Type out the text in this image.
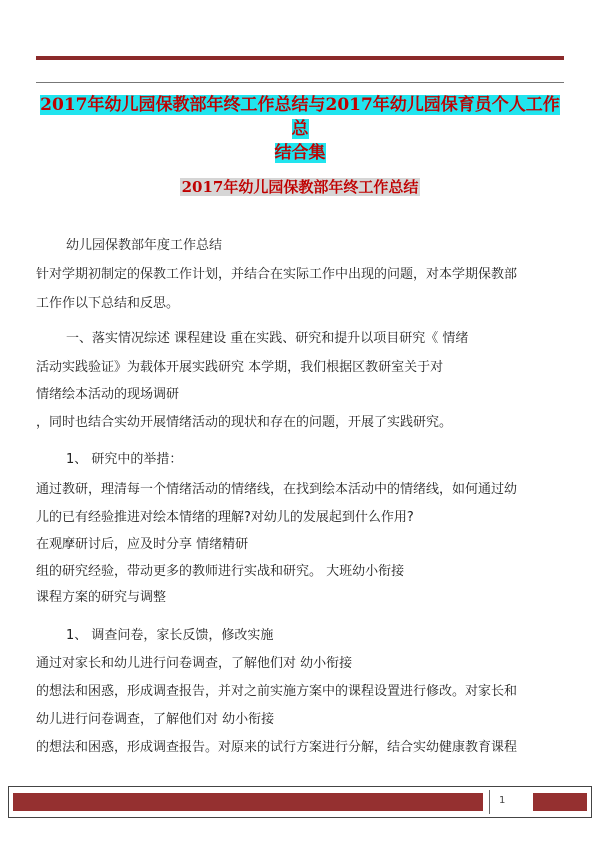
2017年幼儿园保教部年终工作总结与2017年幼儿园保育员个人工作总
结合集
2017年幼儿园保教部年终工作总结
幼儿园保教部年度工作总结
针对学期初制定的保教工作计划，并结合在实际工作中出现的问题，对本学期保教部
工作作以下总结和反思。
一、落实情况综述 课程建设 重在实践、研究和提升以项目研究《 情绪
活动实践验证》为载体开展实践研究 本学期，我们根据区教研室关于对
情绪绘本活动的现场调研
，同时也结合实幼开展情绪活动的现状和存在的问题，开展了实践研究。
1、 研究中的举措：
通过教研，理清每一个情绪活动的情绪线，在找到绘本活动中的情绪线，如何通过幼
儿的已有经验推进对绘本情绪的理解?对幼儿的发展起到什么作用?
在观摩研讨后，应及时分享 情绪精研
组的研究经验，带动更多的教师进行实战和研究。 大班幼小衔接
课程方案的研究与调整
1、 调查问卷，家长反馈，修改实施
通过对家长和幼儿进行问卷调查，了解他们对 幼小衔接
的想法和困惑，形成调查报告，并对之前实施方案中的课程设置进行修改。对家长和
幼儿进行问卷调查，了解他们对 幼小衔接
的想法和困惑，形成调查报告。对原来的试行方案进行分解，结合实幼健康教育课程
1
